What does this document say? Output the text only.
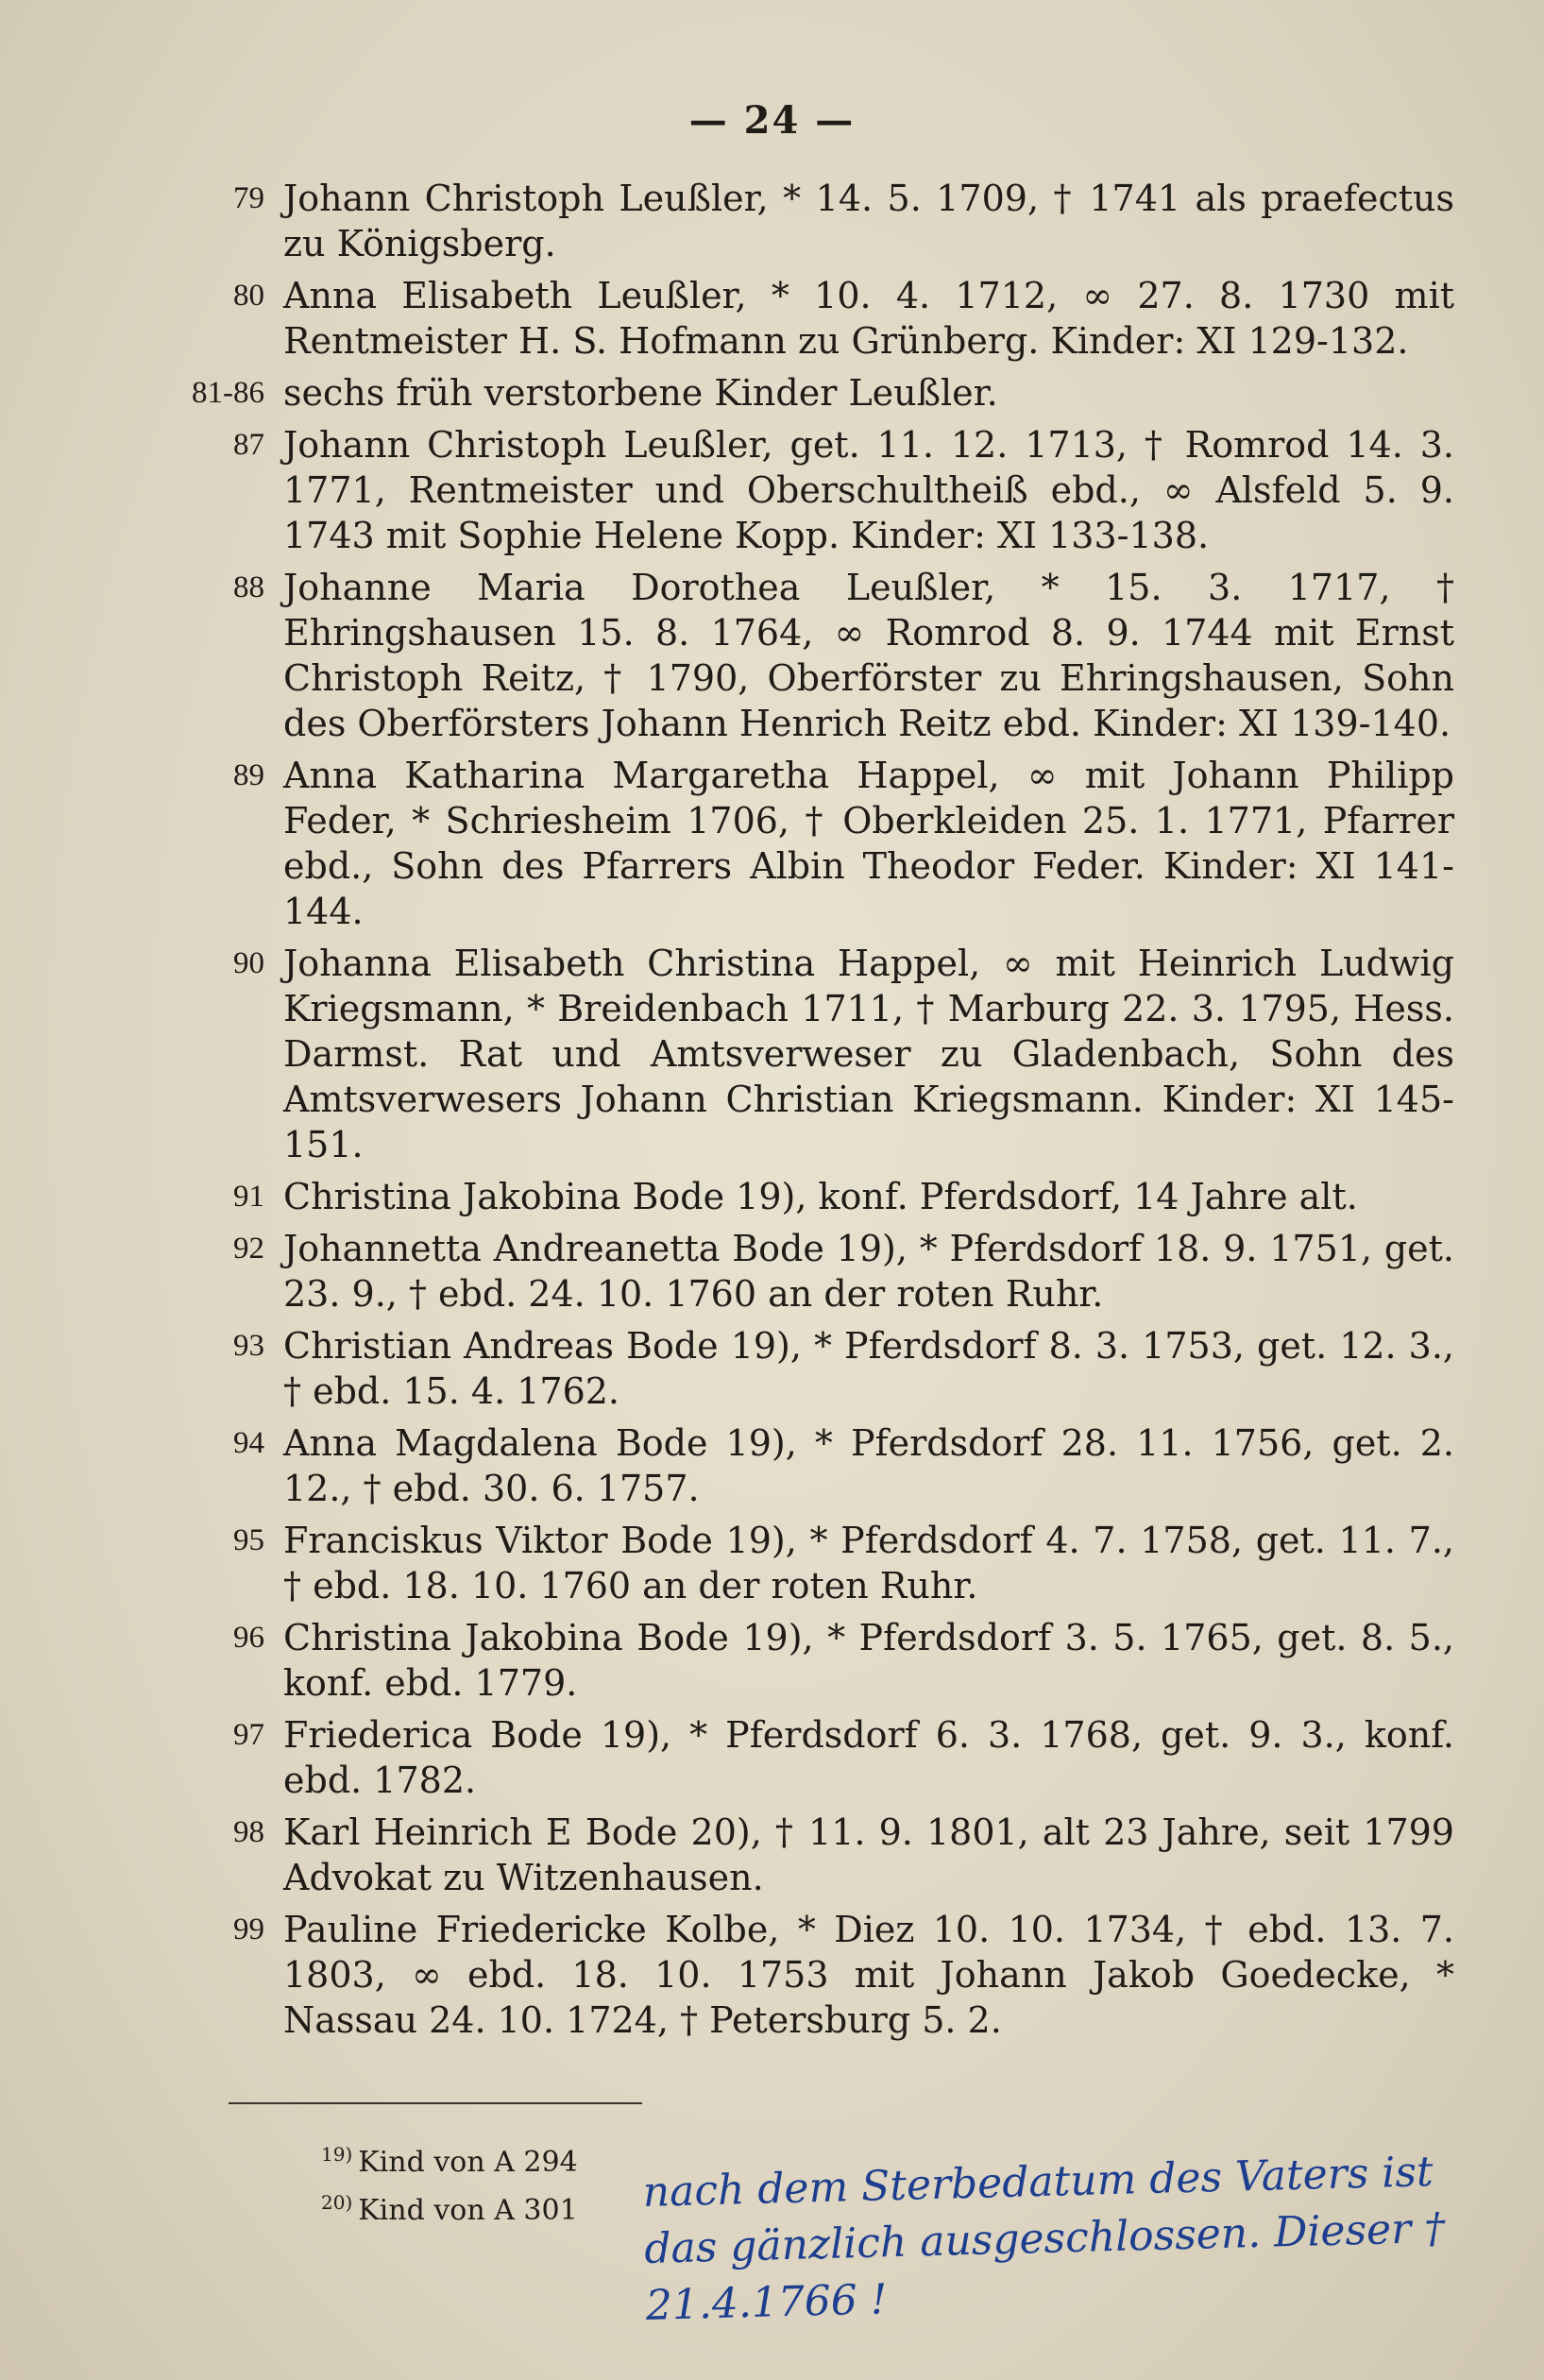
— 24 —
79 Johann Christoph Leußler, * 14. 5. 1709, † 1741 als praefectus zu Königsberg.
80 Anna Elisabeth Leußler, * 10. 4. 1712, ∞ 27. 8. 1730 mit Rentmeister H. S. Hofmann zu Grünberg. Kinder: XI 129-132.
81-86 sechs früh verstorbene Kinder Leußler.
87 Johann Christoph Leußler, get. 11. 12. 1713, † Romrod 14. 3. 1771, Rentmeister und Oberschultheiß ebd., ∞ Alsfeld 5. 9. 1743 mit Sophie Helene Kopp. Kinder: XI 133-138.
88 Johanne Maria Dorothea Leußler, * 15. 3. 1717, † Ehringshausen 15. 8. 1764, ∞ Romrod 8. 9. 1744 mit Ernst Christoph Reitz, † 1790, Oberförster zu Ehringshausen, Sohn des Oberförsters Johann Henrich Reitz ebd. Kinder: XI 139-140.
89 Anna Katharina Margaretha Happel, ∞ mit Johann Philipp Feder, * Schriesheim 1706, † Oberkleiden 25. 1. 1771, Pfarrer ebd., Sohn des Pfarrers Albin Theodor Feder. Kinder: XI 141-144.
90 Johanna Elisabeth Christina Happel, ∞ mit Heinrich Ludwig Kriegsmann, * Breidenbach 1711, † Marburg 22. 3. 1795, Hess. Darmst. Rat und Amtsverweser zu Gladenbach, Sohn des Amtsverwesers Johann Christian Kriegsmann. Kinder: XI 145-151.
91 Christina Jakobina Bode 19), konf. Pferdsdorf, 14 Jahre alt.
92 Johannetta Andreanetta Bode 19), * Pferdsdorf 18. 9. 1751, get. 23. 9., † ebd. 24. 10. 1760 an der roten Ruhr.
93 Christian Andreas Bode 19), * Pferdsdorf 8. 3. 1753, get. 12. 3., † ebd. 15. 4. 1762.
94 Anna Magdalena Bode 19), * Pferdsdorf 28. 11. 1756, get. 2. 12., † ebd. 30. 6. 1757.
95 Franciskus Viktor Bode 19), * Pferdsdorf 4. 7. 1758, get. 11. 7., † ebd. 18. 10. 1760 an der roten Ruhr.
96 Christina Jakobina Bode 19), * Pferdsdorf 3. 5. 1765, get. 8. 5., konf. ebd. 1779.
97 Friederica Bode 19), * Pferdsdorf 6. 3. 1768, get. 9. 3., konf. ebd. 1782.
98 Karl Heinrich E Bode 20), † 11. 9. 1801, alt 23 Jahre, seit 1799 Advokat zu Witzenhausen.
99 Pauline Friedericke Kolbe, * Diez 10. 10. 1734, † ebd. 13. 7. 1803, ∞ ebd. 18. 10. 1753 mit Johann Jakob Goedecke, * Nassau 24. 10. 1724, † Petersburg 5. 2.
$^{19)}$ Kind von A 294
$^{20)}$ Kind von A 301 nach dem Sterbedatum des Vaters ist das gänzlich ausgeschlossen. Dieser † 21.4.1766 !
